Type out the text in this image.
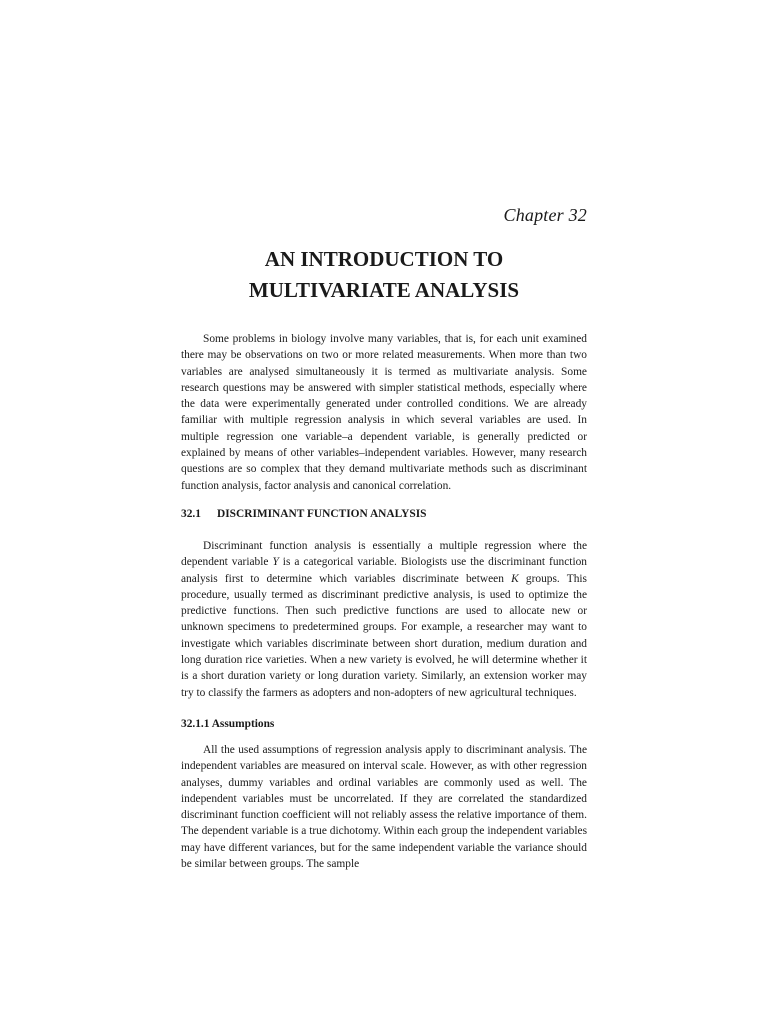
Chapter 32
AN INTRODUCTION TO
MULTIVARIATE ANALYSIS

Some problems in biology involve many variables, that is, for each unit examined there may be observations on two or more related measurements. When more than two variables are analysed simultaneously it is termed as multivariate analysis. Some research questions may be answered with simpler statistical methods, especially where the data were experimentally generated under controlled conditions. We are already familiar with multiple regression analysis in which several variables are used. In multiple regression one variable–a dependent variable, is generally predicted or explained by means of other variables–independent variables. However, many research questions are so complex that they demand multivariate methods such as discriminant function analysis, factor analysis and canonical correlation.

32.1 DISCRIMINANT FUNCTION ANALYSIS

Discriminant function analysis is essentially a multiple regression where the dependent variable Y is a categorical variable. Biologists use the discriminant function analysis first to determine which variables discriminate between K groups. This procedure, usually termed as discriminant predictive analysis, is used to optimize the predictive functions. Then such predictive functions are used to allocate new or unknown specimens to predetermined groups. For example, a researcher may want to investigate which variables discriminate between short duration, medium duration and long duration rice varieties. When a new variety is evolved, he will determine whether it is a short duration variety or long duration variety. Similarly, an extension worker may try to classify the farmers as adopters and non-adopters of new agricultural techniques.

32.1.1 Assumptions

All the used assumptions of regression analysis apply to discriminant analysis. The independent variables are measured on interval scale. However, as with other regression analyses, dummy variables and ordinal variables are commonly used as well. The independent variables must be uncorrelated. If they are correlated the standardized discriminant function coefficient will not reliably assess the relative importance of them. The dependent variable is a true dichotomy. Within each group the independent variables may have different variances, but for the same independent variable the variance should be similar between groups. The sample
